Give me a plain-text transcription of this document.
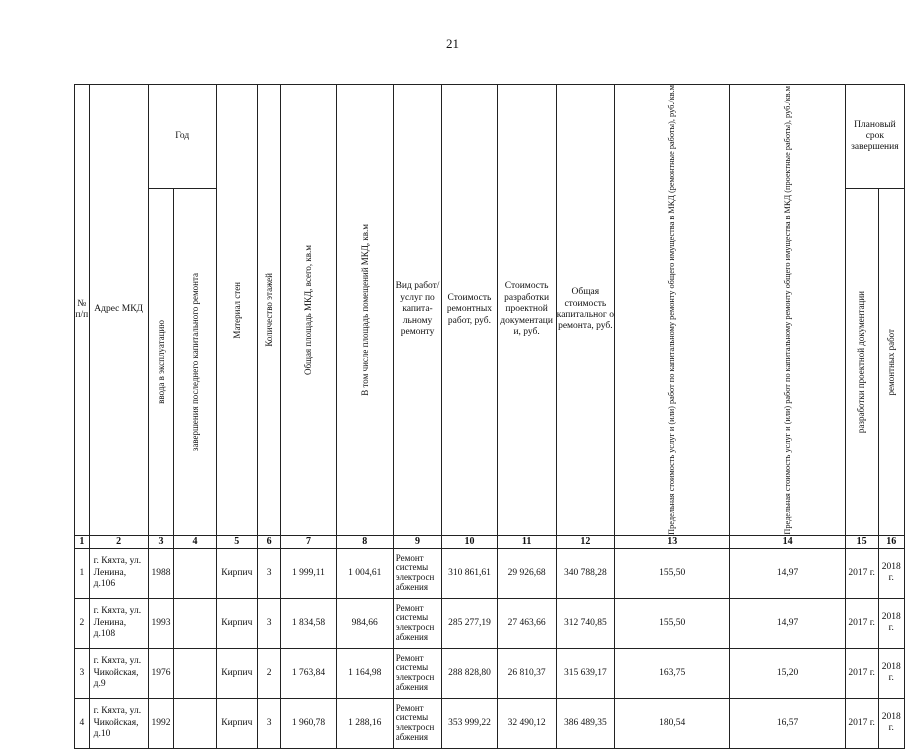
21
№ п/п	Адрес МКД	Год		Материал стен	Количество этажей	Общая площадь МКД, всего, кв.м	В том числе площадь помещений МКД, кв.м	Вид работ/ услуг по капита-льному ремонту	Стоимость ремонтных работ, руб.	Стоимость разработки проектной документаци и, руб.	Общая стоимость капитальног о ремонта, руб.	Предельная стоимость услуг и (или) работ по капитальному ремонту общего имущества в МКД (ремонтные работы), руб./кв.м	Предельная стоимость услуг и (или) работ по капитальному ремонту общего имущества в МКД (проектные работы), руб./кв.м	Плановый срок завершения	

		ввода в эксплуатацию	завершения последнего капитального ремонта											разработки проектной документации	ремонтных работ

1	2	3	4	5	6	7	8	9	10	11	12	13	14	15	16
1	г. Кяхта, ул. Ленина, д.106	1988		Кирпич	3	1 999,11	1 004,61	Ремонт системы электросн абжения	310 861,61	29 926,68	340 788,28	155,50	14,97	2017 г.	2018 г.
2	г. Кяхта, ул. Ленина, д.108	1993		Кирпич	3	1 834,58	984,66	Ремонт системы электросн абжения	285 277,19	27 463,66	312 740,85	155,50	14,97	2017 г.	2018 г.
3	г. Кяхта, ул. Чикойская, д.9	1976		Кирпич	2	1 763,84	1 164,98	Ремонт системы электросн абжения	288 828,80	26 810,37	315 639,17	163,75	15,20	2017 г.	2018 г.
4	г. Кяхта, ул. Чикойская, д.10	1992		Кирпич	3	1 960,78	1 288,16	Ремонт системы электросн абжения	353 999,22	32 490,12	386 489,35	180,54	16,57	2017 г.	2018 г.
